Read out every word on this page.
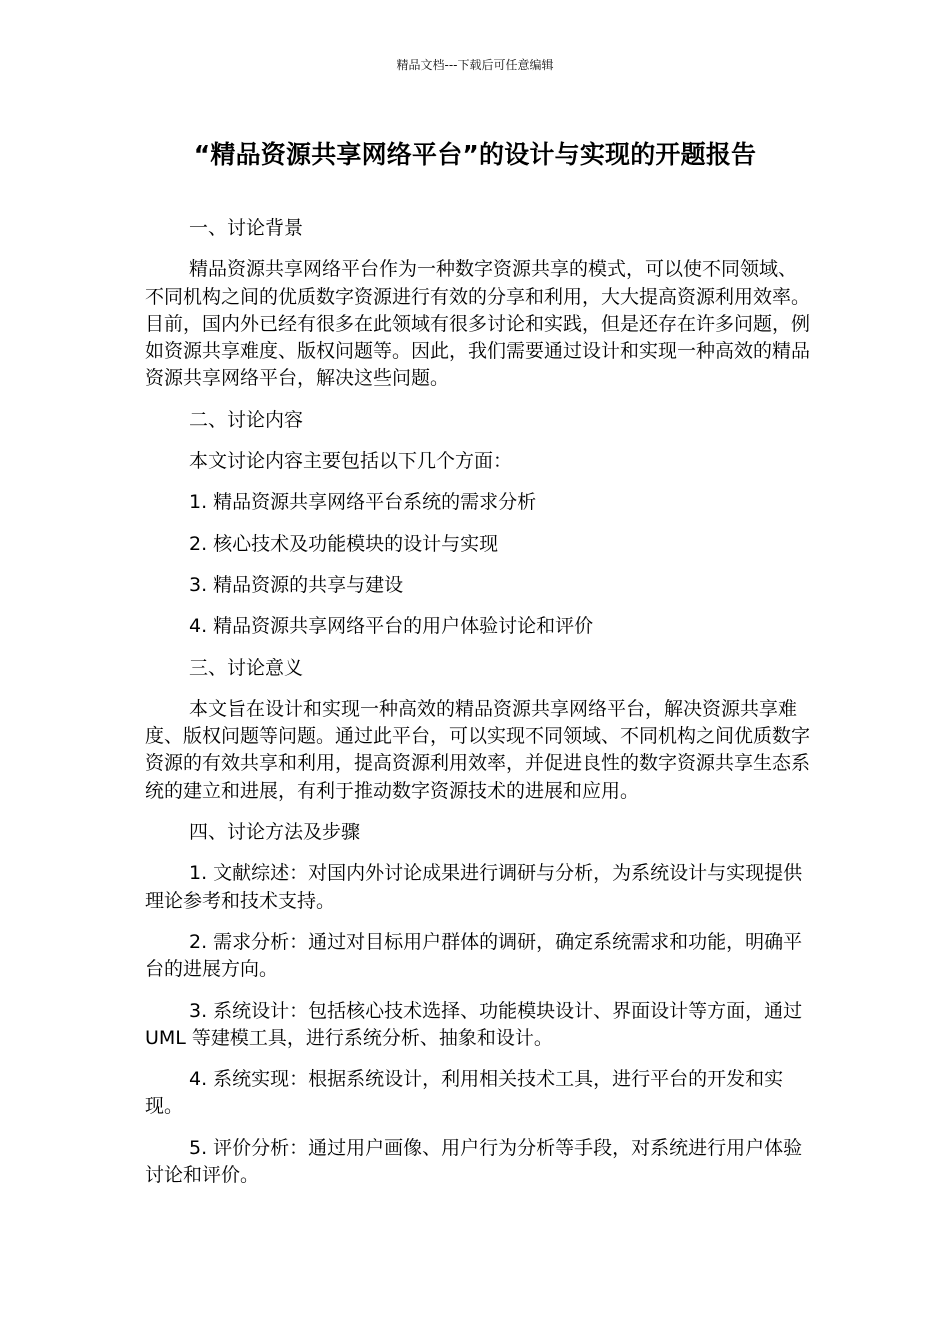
精品文档---下载后可任意编辑
“精品资源共享网络平台”的设计与实现的开题报告

一、讨论背景

精品资源共享网络平台作为一种数字资源共享的模式，可以使不同领域、不同机构之间的优质数字资源进行有效的分享和利用，大大提高资源利用效率。目前，国内外已经有很多在此领域有很多讨论和实践，但是还存在许多问题，例如资源共享难度、版权问题等。因此，我们需要通过设计和实现一种高效的精品资源共享网络平台，解决这些问题。

二、讨论内容

本文讨论内容主要包括以下几个方面：

1. 精品资源共享网络平台系统的需求分析

2. 核心技术及功能模块的设计与实现

3. 精品资源的共享与建设

4. 精品资源共享网络平台的用户体验讨论和评价

三、讨论意义

本文旨在设计和实现一种高效的精品资源共享网络平台，解决资源共享难度、版权问题等问题。通过此平台，可以实现不同领域、不同机构之间优质数字资源的有效共享和利用，提高资源利用效率，并促进良性的数字资源共享生态系统的建立和进展，有利于推动数字资源技术的进展和应用。

四、讨论方法及步骤

1. 文献综述：对国内外讨论成果进行调研与分析，为系统设计与实现提供理论参考和技术支持。

2. 需求分析：通过对目标用户群体的调研，确定系统需求和功能，明确平台的进展方向。

3. 系统设计：包括核心技术选择、功能模块设计、界面设计等方面，通过 UML 等建模工具，进行系统分析、抽象和设计。

4. 系统实现：根据系统设计，利用相关技术工具，进行平台的开发和实现。

5. 评价分析：通过用户画像、用户行为分析等手段，对系统进行用户体验讨论和评价。
